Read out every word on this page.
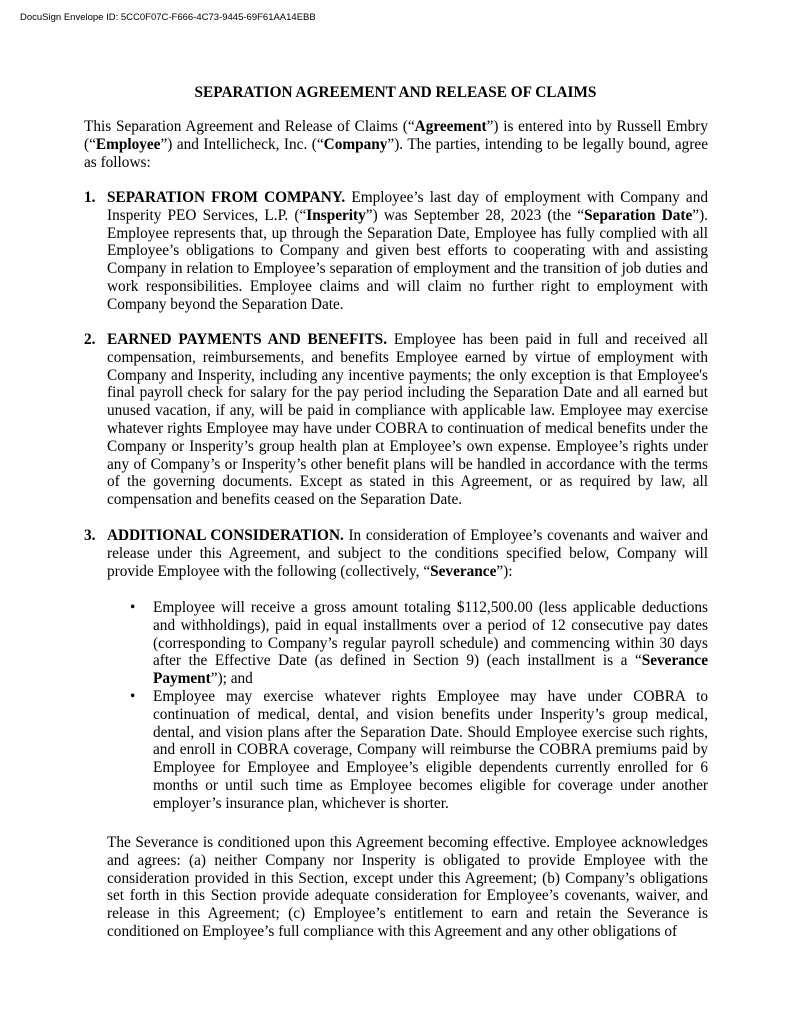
DocuSign Envelope ID: 5CC0F07C-F666-4C73-9445-69F61AA14EBB
SEPARATION AGREEMENT AND RELEASE OF CLAIMS
This Separation Agreement and Release of Claims (“Agreement”) is entered into by Russell Embry (“Employee”) and Intellicheck, Inc. (“Company”). The parties, intending to be legally bound, agree as follows:
1. SEPARATION FROM COMPANY. Employee’s last day of employment with Company and Insperity PEO Services, L.P. (“Insperity”) was September 28, 2023 (the “Separation Date”). Employee represents that, up through the Separation Date, Employee has fully complied with all Employee’s obligations to Company and given best efforts to cooperating with and assisting Company in relation to Employee’s separation of employment and the transition of job duties and work responsibilities. Employee claims and will claim no further right to employment with Company beyond the Separation Date.
2. EARNED PAYMENTS AND BENEFITS. Employee has been paid in full and received all compensation, reimbursements, and benefits Employee earned by virtue of employment with Company and Insperity, including any incentive payments; the only exception is that Employee's final payroll check for salary for the pay period including the Separation Date and all earned but unused vacation, if any, will be paid in compliance with applicable law. Employee may exercise whatever rights Employee may have under COBRA to continuation of medical benefits under the Company or Insperity’s group health plan at Employee’s own expense. Employee’s rights under any of Company’s or Insperity’s other benefit plans will be handled in accordance with the terms of the governing documents. Except as stated in this Agreement, or as required by law, all compensation and benefits ceased on the Separation Date.
3. ADDITIONAL CONSIDERATION. In consideration of Employee’s covenants and waiver and release under this Agreement, and subject to the conditions specified below, Company will provide Employee with the following (collectively, “Severance”):
• Employee will receive a gross amount totaling $112,500.00 (less applicable deductions and withholdings), paid in equal installments over a period of 12 consecutive pay dates (corresponding to Company’s regular payroll schedule) and commencing within 30 days after the Effective Date (as defined in Section 9) (each installment is a “Severance Payment”); and
• Employee may exercise whatever rights Employee may have under COBRA to continuation of medical, dental, and vision benefits under Insperity’s group medical, dental, and vision plans after the Separation Date. Should Employee exercise such rights, and enroll in COBRA coverage, Company will reimburse the COBRA premiums paid by Employee for Employee and Employee’s eligible dependents currently enrolled for 6 months or until such time as Employee becomes eligible for coverage under another employer’s insurance plan, whichever is shorter.
The Severance is conditioned upon this Agreement becoming effective. Employee acknowledges and agrees: (a) neither Company nor Insperity is obligated to provide Employee with the consideration provided in this Section, except under this Agreement; (b) Company’s obligations set forth in this Section provide adequate consideration for Employee’s covenants, waiver, and release in this Agreement; (c) Employee’s entitlement to earn and retain the Severance is conditioned on Employee’s full compliance with this Agreement and any other obligations of
